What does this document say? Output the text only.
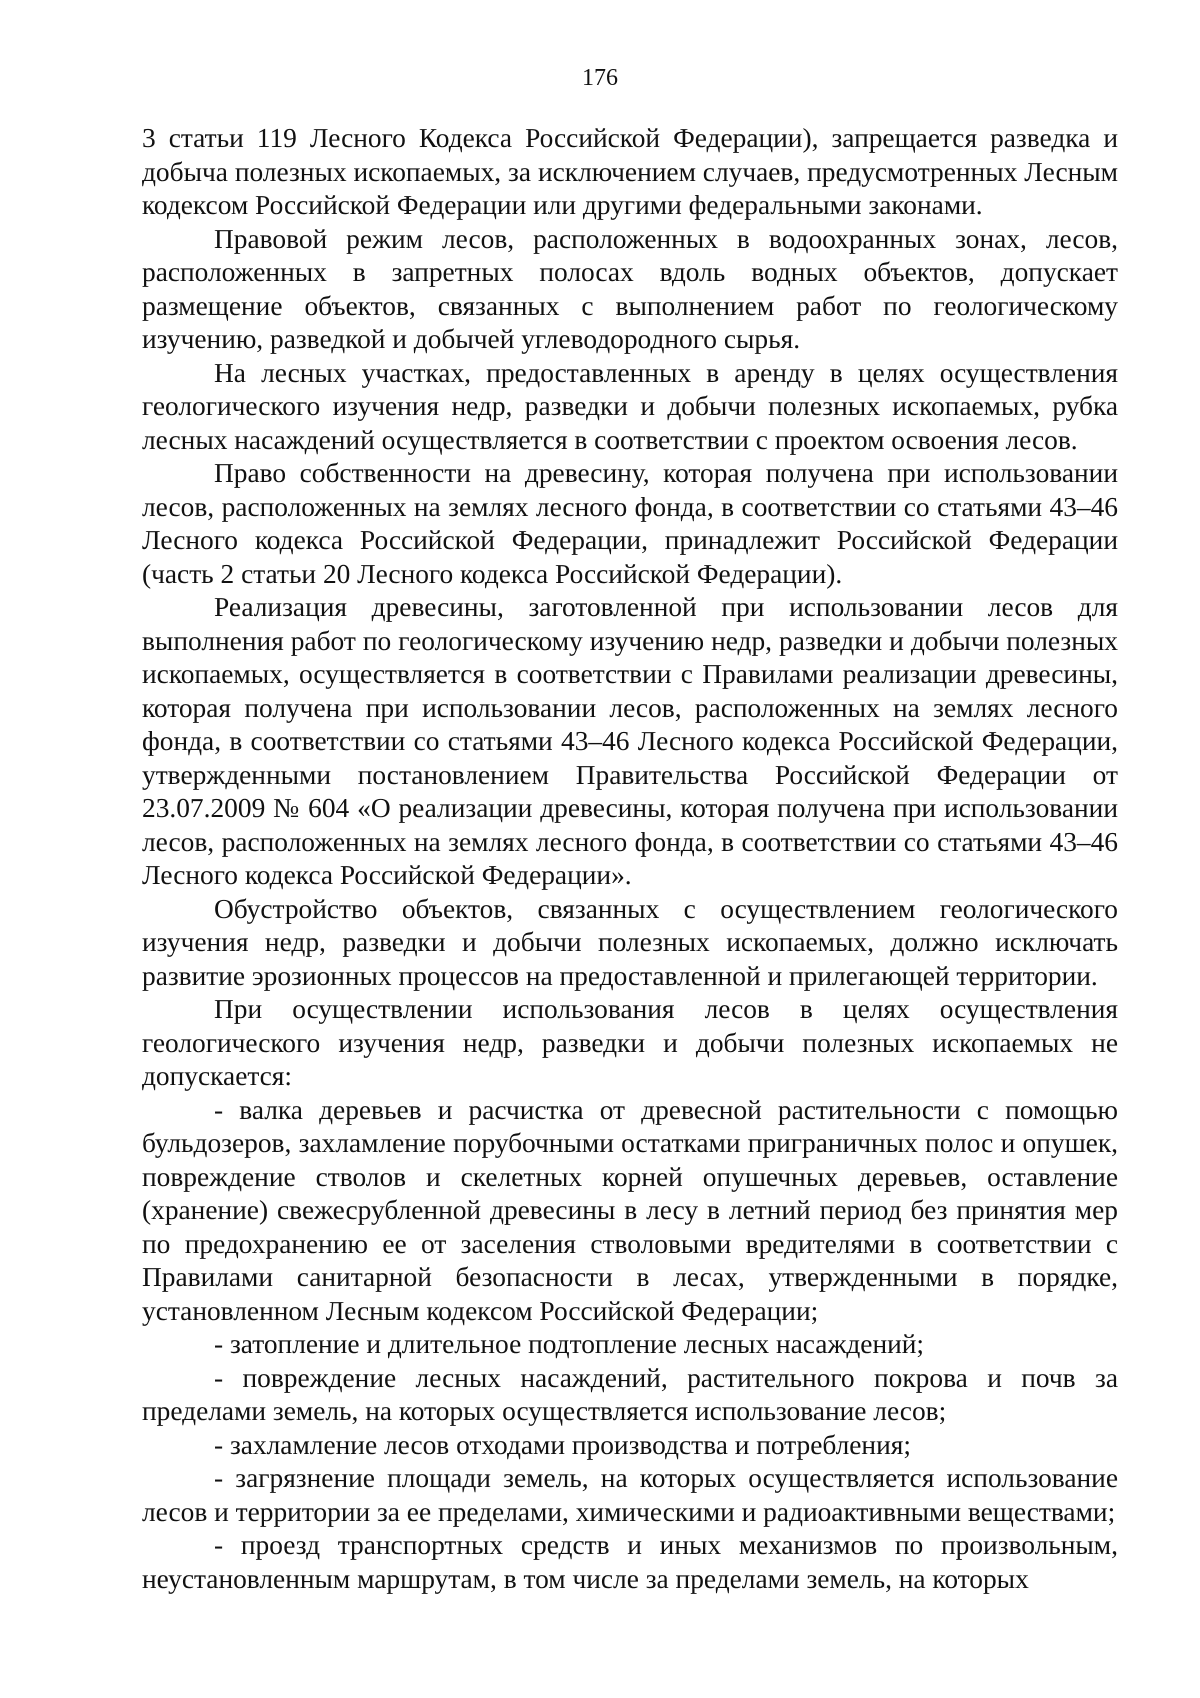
176

3 статьи 119 Лесного Кодекса Российской Федерации), запрещается разведка и добыча полезных ископаемых, за исключением случаев, предусмотренных Лесным кодексом Российской Федерации или другими федеральными законами.

Правовой режим лесов, расположенных в водоохранных зонах, лесов, расположенных в запретных полосах вдоль водных объектов, допускает размещение объектов, связанных с выполнением работ по геологическому изучению, разведкой и добычей углеводородного сырья.

На лесных участках, предоставленных в аренду в целях осуществления геологического изучения недр, разведки и добычи полезных ископаемых, рубка лесных насаждений осуществляется в соответствии с проектом освоения лесов.

Право собственности на древесину, которая получена при использовании лесов, расположенных на землях лесного фонда, в соответствии со статьями 43–46 Лесного кодекса Российской Федерации, принадлежит Российской Федерации (часть 2 статьи 20 Лесного кодекса Российской Федерации).

Реализация древесины, заготовленной при использовании лесов для выполнения работ по геологическому изучению недр, разведки и добычи полезных ископаемых, осуществляется в соответствии с Правилами реализации древесины, которая получена при использовании лесов, расположенных на землях лесного фонда, в соответствии со статьями 43–46 Лесного кодекса Российской Федерации, утвержденными постановлением Правительства Российской Федерации от 23.07.2009 № 604 «О реализации древесины, которая получена при использовании лесов, расположенных на землях лесного фонда, в соответствии со статьями 43–46 Лесного кодекса Российской Федерации».

Обустройство объектов, связанных с осуществлением геологического изучения недр, разведки и добычи полезных ископаемых, должно исключать развитие эрозионных процессов на предоставленной и прилегающей территории.

При осуществлении использования лесов в целях осуществления геологического изучения недр, разведки и добычи полезных ископаемых не допускается:

- валка деревьев и расчистка от древесной растительности с помощью бульдозеров, захламление порубочными остатками приграничных полос и опушек, повреждение стволов и скелетных корней опушечных деревьев, оставление (хранение) свежесрубленной древесины в лесу в летний период без принятия мер по предохранению ее от заселения стволовыми вредителями в соответствии с Правилами санитарной безопасности в лесах, утвержденными в порядке, установленном Лесным кодексом Российской Федерации;

- затопление и длительное подтопление лесных насаждений;

- повреждение лесных насаждений, растительного покрова и почв за пределами земель, на которых осуществляется использование лесов;

- захламление лесов отходами производства и потребления;

- загрязнение площади земель, на которых осуществляется использование лесов и территории за ее пределами, химическими и радиоактивными веществами;

- проезд транспортных средств и иных механизмов по произвольным, неустановленным маршрутам, в том числе за пределами земель, на которых
